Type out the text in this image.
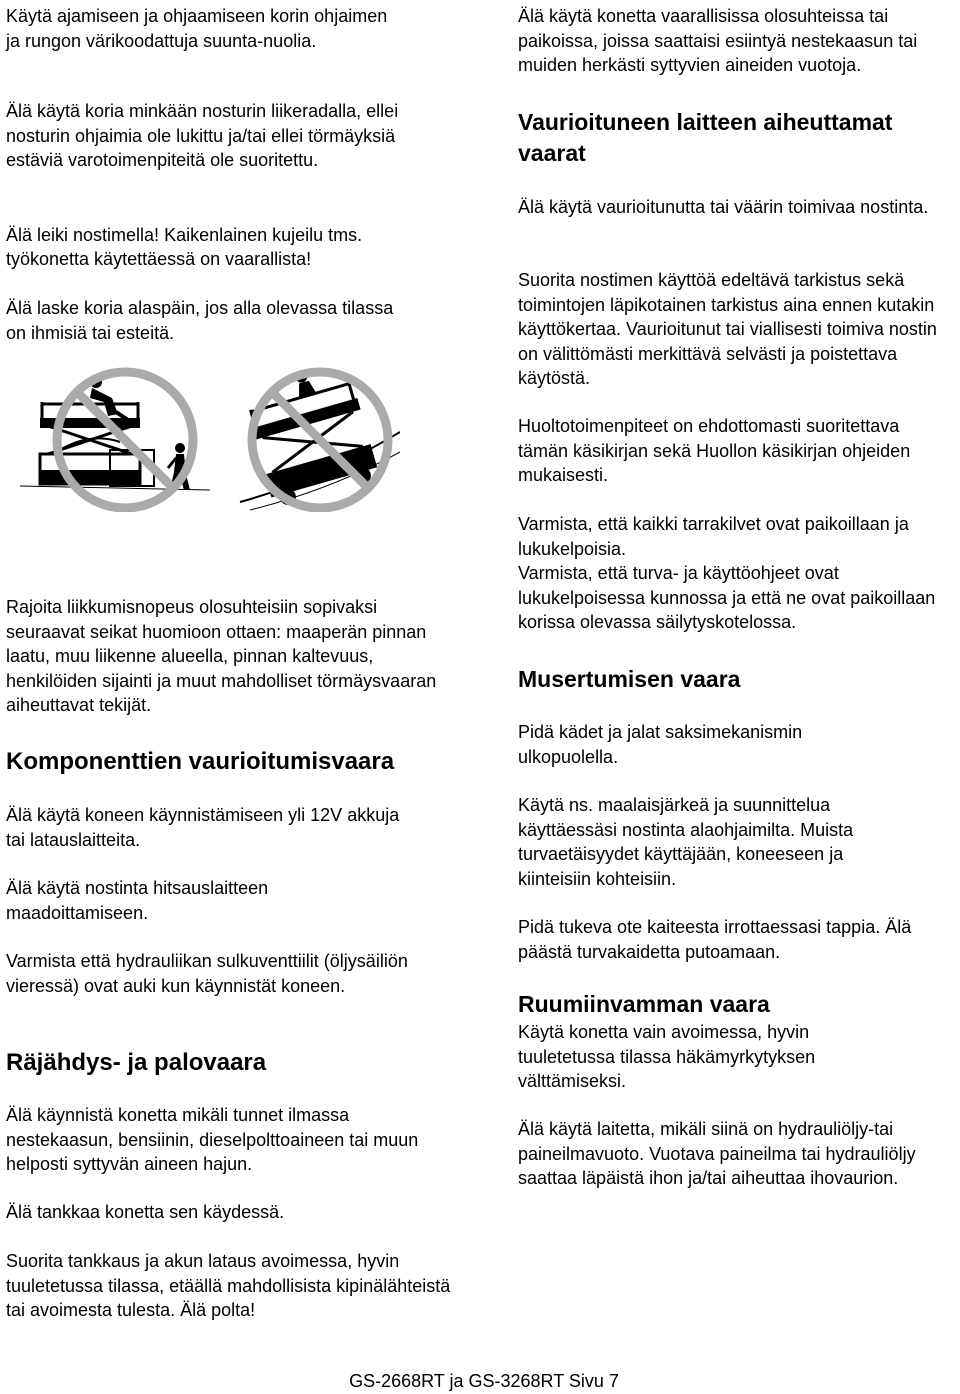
Käytä ajamiseen ja ohjaamiseen korin ohjaimen ja rungon värikoodattuja suunta-nuolia.

Älä käytä koria minkään nosturin liikeradalla, ellei nosturin ohjaimia ole lukittu ja/tai ellei törmäyksiä estäviä varotoimenpiteitä ole suoritettu.

Älä leiki nostimella! Kaikenlainen kujeilu tms.

työkonetta käytettäessä on vaarallista!

Älä laske koria alaspäin, jos alla olevassa tilassa on ihmisiä tai esteitä.

Rajoita liikkumisnopeus olosuhteisiin sopivaksi seuraavat seikat huomioon ottaen: maaperän pinnan laatu, muu liikenne alueella, pinnan kaltevuus, henkilöiden sijainti ja muut mahdolliset törmäysvaaran aiheuttavat tekijät.

Komponenttien vaurioitumisvaara

Älä käytä koneen käynnistämiseen yli 12V akkuja tai latauslaitteita.

Älä käytä nostinta hitsauslaitteen maadoittamiseen.

Varmista että hydrauliikan sulkuventtiilit (öljysäiliön vieressä) ovat auki kun käynnistät koneen.

Räjähdys- ja palovaara

Älä käynnistä konetta mikäli tunnet ilmassa nestekaasun, bensiinin, dieselpolttoaineen tai muun helposti syttyvän aineen hajun.

Älä tankkaa konetta sen käydessä.

Suorita tankkaus ja akun lataus avoimessa, hyvin tuuletetussa tilassa, etäällä mahdollisista kipinälähteistä tai avoimesta tulesta. Älä polta!

Älä käytä konetta vaarallisissa olosuhteissa tai paikoissa, joissa saattaisi esiintyä nestekaasun tai muiden herkästi syttyvien aineiden vuotoja.

Vaurioituneen laitteen aiheuttamat vaarat

Älä käytä vaurioitunutta tai väärin toimivaa nostinta.

Suorita nostimen käyttöä edeltävä tarkistus sekä toimintojen läpikotainen tarkistus aina ennen kutakin käyttökertaa. Vaurioitunut tai viallisesti toimiva nostin on välittömästi merkittävä selvästi ja poistettava käytöstä.

Huoltotoimenpiteet on ehdottomasti suoritettava tämän käsikirjan sekä Huollon käsikirjan ohjeiden mukaisesti.

Varmista, että kaikki tarrakilvet ovat paikoillaan ja lukukelpoisia.

Varmista, että turva- ja käyttöohjeet ovat lukukelpoisessa kunnossa ja että ne ovat paikoillaan korissa olevassa säilytyskotelossa.

Musertumisen vaara

Pidä kädet ja jalat saksimekanismin ulkopuolella.

Käytä ns. maalaisjärkeä ja suunnittelua käyttäessäsi nostinta alaohjaimilta. Muista turvaetäisyydet käyttäjään, koneeseen ja kiinteisiin kohteisiin.

Pidä tukeva ote kaiteesta irrottaessasi tappia. Älä päästä turvakaidetta putoamaan.

Ruumiinvamman vaara

Käytä konetta vain avoimessa, hyvin tuuletetussa tilassa häkämyrkytyksen välttämiseksi.

Älä käytä laitetta, mikäli siinä on hydrauliöljy-tai paineilmavuoto. Vuotava paineilma tai hydrauliöljy saattaa läpäistä ihon ja/tai aiheuttaa ihovaurion.

GS-2668RT ja GS-3268RT Sivu 7
